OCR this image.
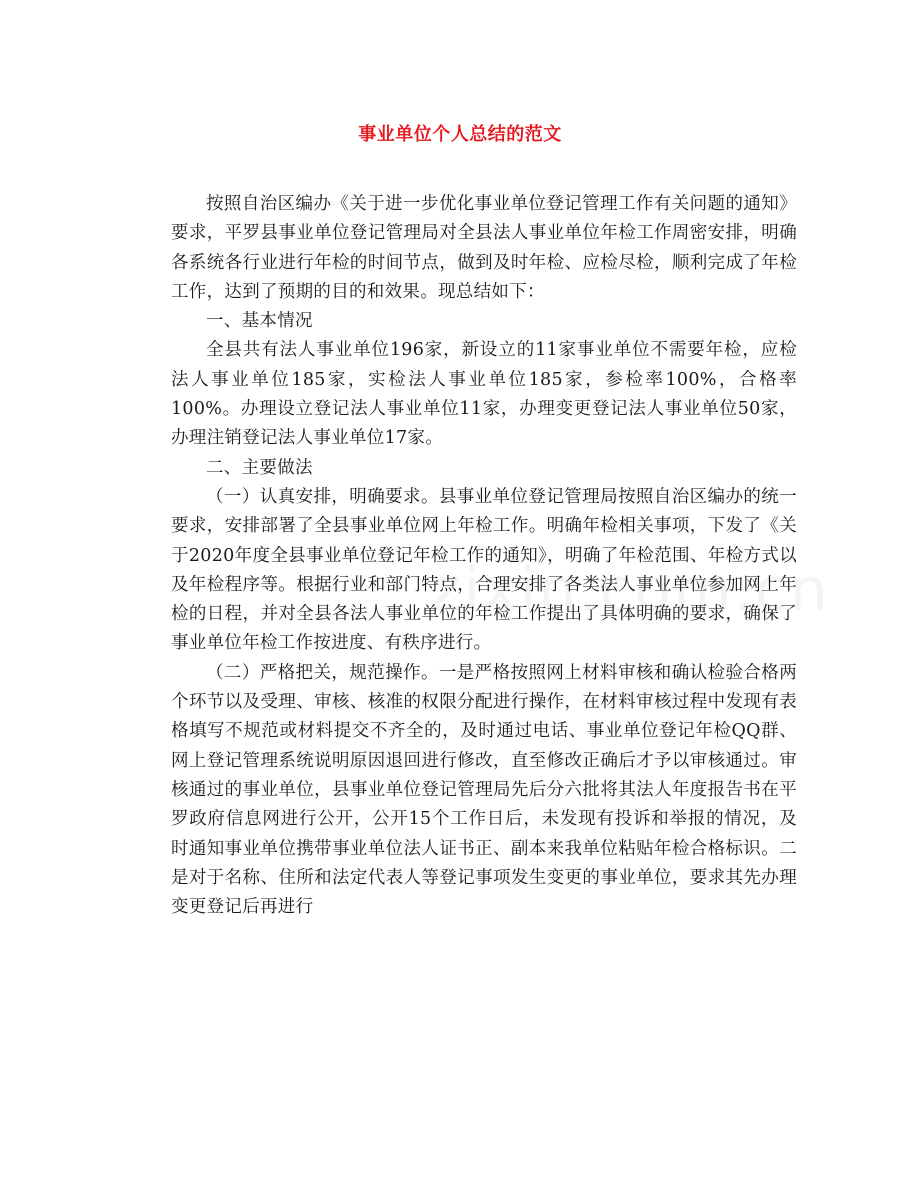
事业单位个人总结的范文

按照自治区编办《关于进一步优化事业单位登记管理工作有关问题的通知》要求，平罗县事业单位登记管理局对全县法人事业单位年检工作周密安排，明确各系统各行业进行年检的时间节点，做到及时年检、应检尽检，顺利完成了年检工作，达到了预期的目的和效果。现总结如下：

一、基本情况

全县共有法人事业单位196家，新设立的11家事业单位不需要年检，应检法人事业单位185家，实检法人事业单位185家，参检率100%，合格率100%。办理设立登记法人事业单位11家，办理变更登记法人事业单位50家，办理注销登记法人事业单位17家。

二、主要做法

（一）认真安排，明确要求。县事业单位登记管理局按照自治区编办的统一要求，安排部署了全县事业单位网上年检工作。明确年检相关事项，下发了《关于2020年度全县事业单位登记年检工作的通知》，明确了年检范围、年检方式以及年检程序等。根据行业和部门特点，合理安排了各类法人事业单位参加网上年检的日程，并对全县各法人事业单位的年检工作提出了具体明确的要求，确保了事业单位年检工作按进度、有秩序进行。

（二）严格把关，规范操作。一是严格按照网上材料审核和确认检验合格两个环节以及受理、审核、核准的权限分配进行操作，在材料审核过程中发现有表格填写不规范或材料提交不齐全的，及时通过电话、事业单位登记年检QQ群、网上登记管理系统说明原因退回进行修改，直至修改正确后才予以审核通过。审核通过的事业单位，县事业单位登记管理局先后分六批将其法人年度报告书在平罗政府信息网进行公开，公开15个工作日后，未发现有投诉和举报的情况，及时通知事业单位携带事业单位法人证书正、副本来我单位粘贴年检合格标识。二是对于名称、住所和法定代表人等登记事项发生变更的事业单位，要求其先办理变更登记后再进行
